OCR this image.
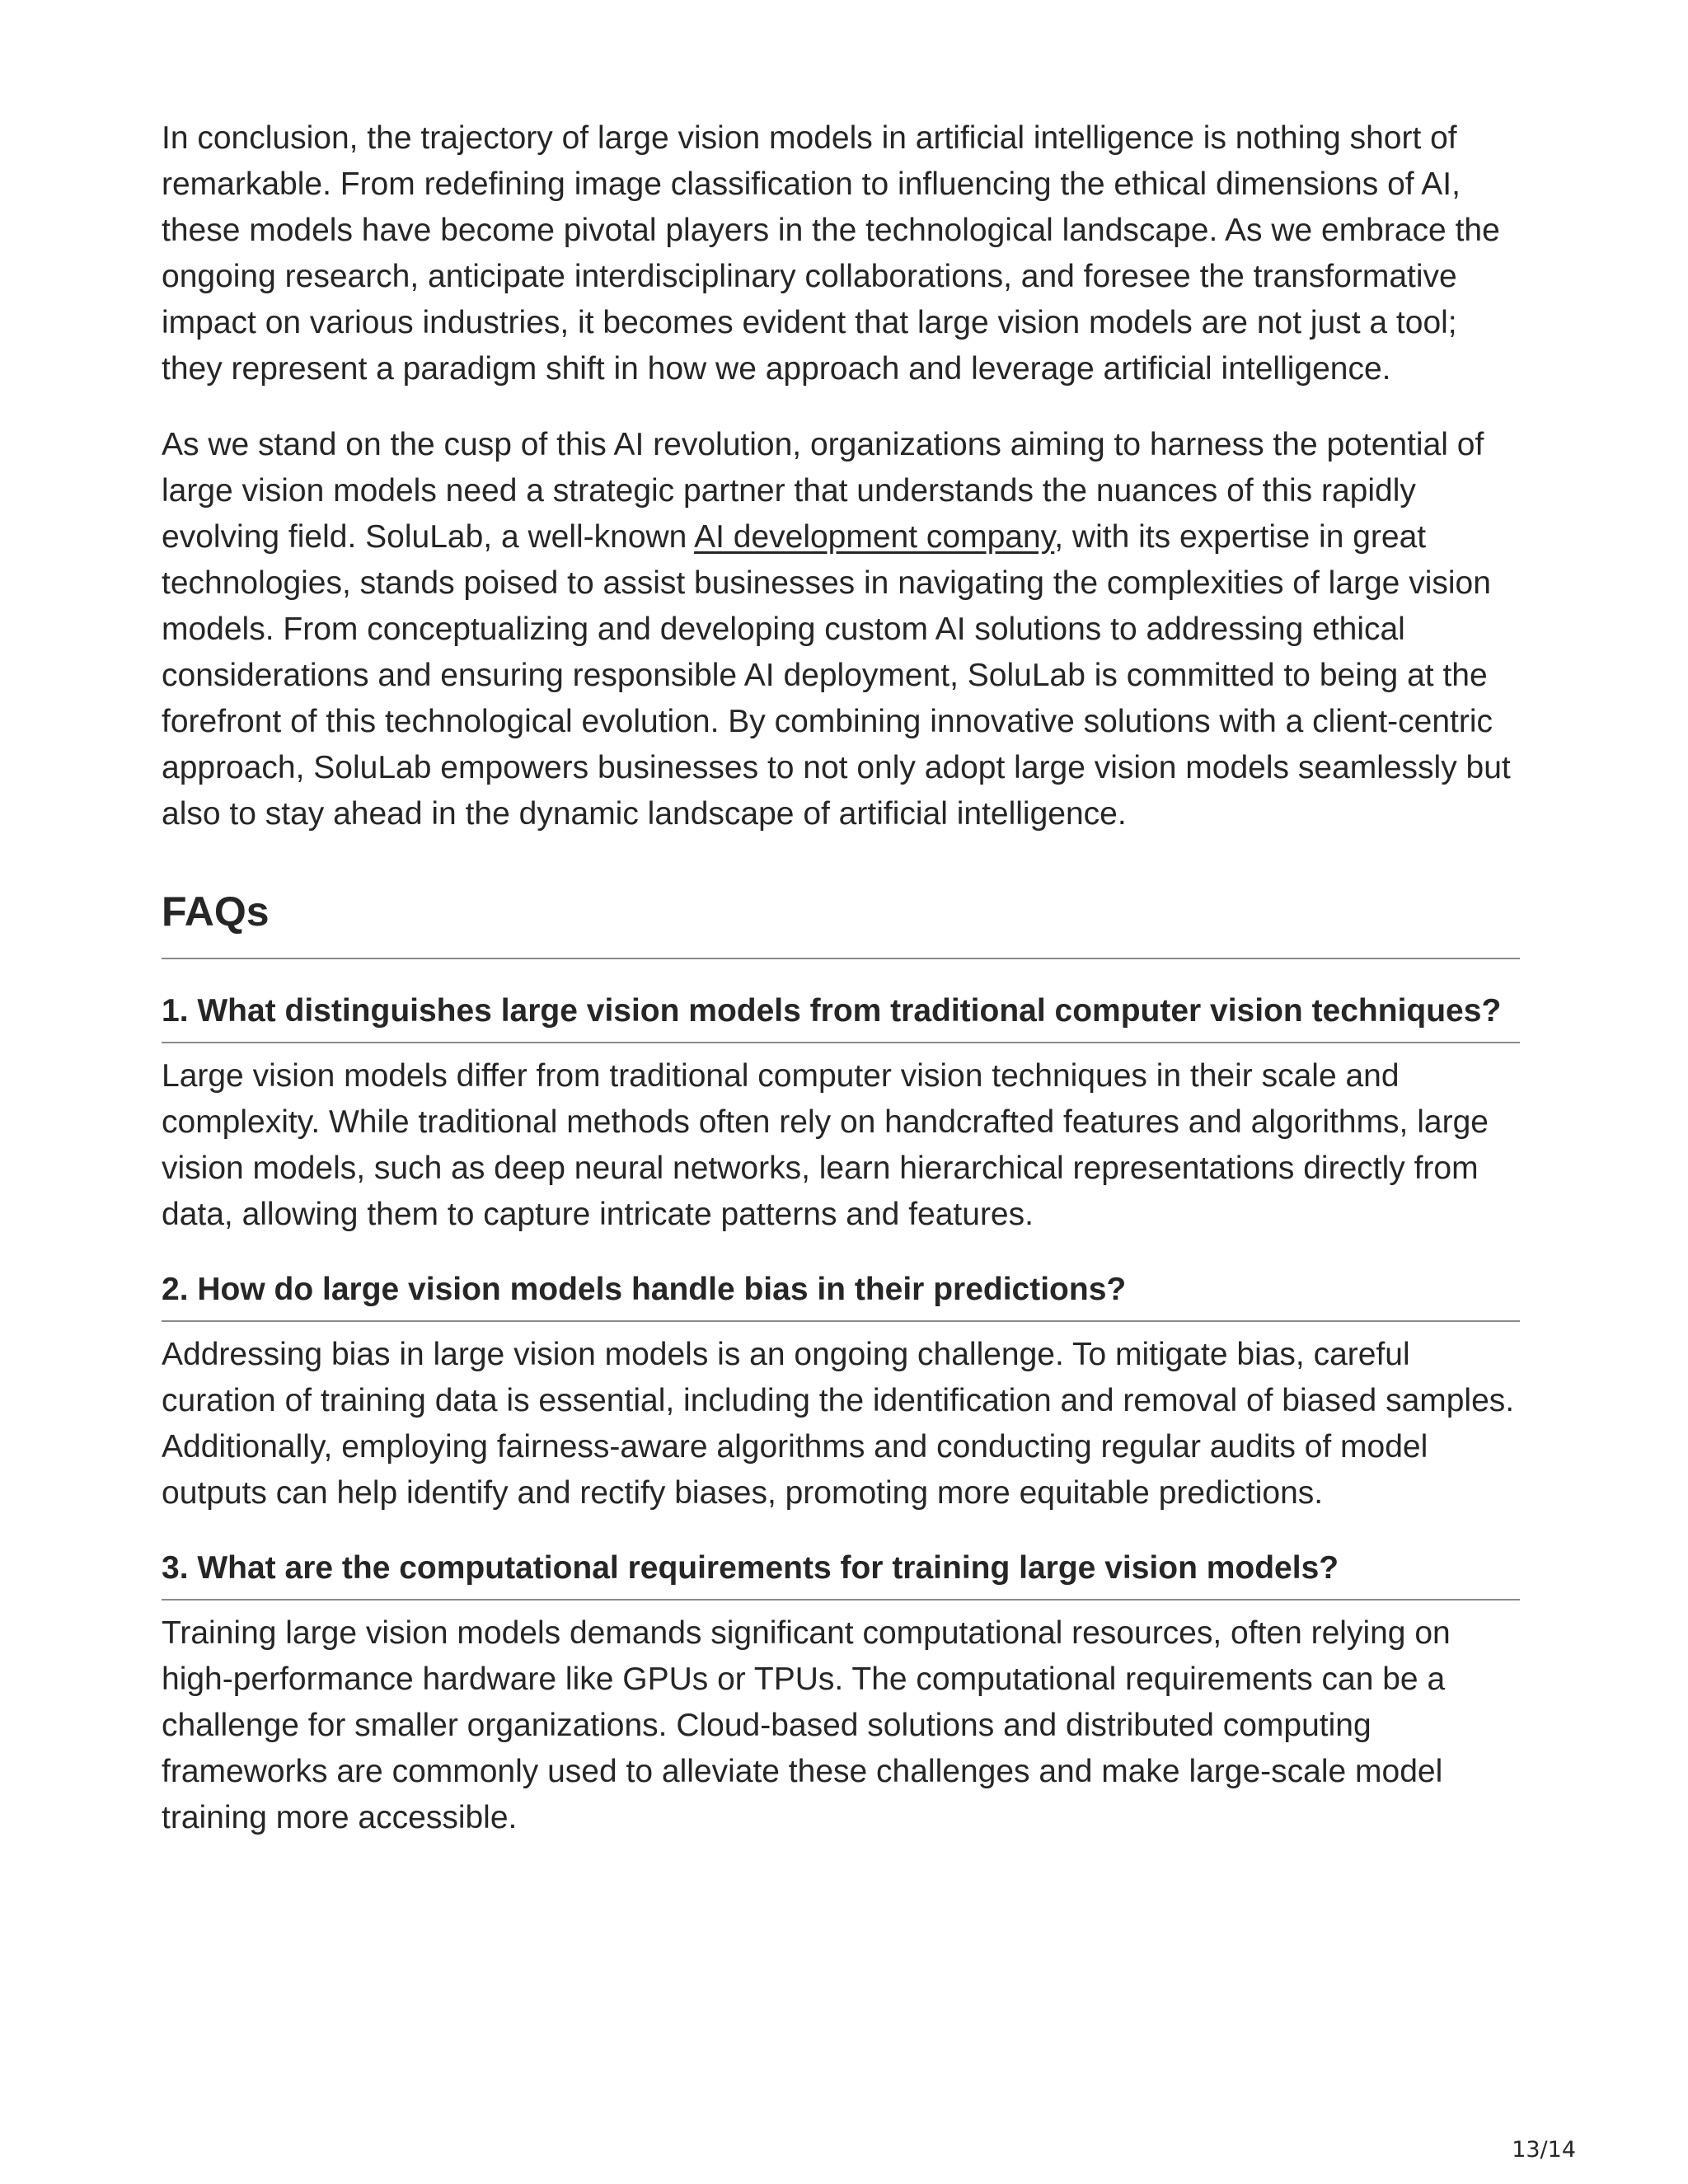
In conclusion, the trajectory of large vision models in artificial intelligence is nothing short of remarkable. From redefining image classification to influencing the ethical dimensions of AI, these models have become pivotal players in the technological landscape. As we embrace the ongoing research, anticipate interdisciplinary collaborations, and foresee the transformative impact on various industries, it becomes evident that large vision models are not just a tool; they represent a paradigm shift in how we approach and leverage artificial intelligence.

As we stand on the cusp of this AI revolution, organizations aiming to harness the potential of large vision models need a strategic partner that understands the nuances of this rapidly evolving field. SoluLab, a well-known AI development company, with its expertise in great technologies, stands poised to assist businesses in navigating the complexities of large vision models. From conceptualizing and developing custom AI solutions to addressing ethical considerations and ensuring responsible AI deployment, SoluLab is committed to being at the forefront of this technological evolution. By combining innovative solutions with a client-centric approach, SoluLab empowers businesses to not only adopt large vision models seamlessly but also to stay ahead in the dynamic landscape of artificial intelligence.

FAQs
1. What distinguishes large vision models from traditional computer vision techniques?

Large vision models differ from traditional computer vision techniques in their scale and complexity. While traditional methods often rely on handcrafted features and algorithms, large vision models, such as deep neural networks, learn hierarchical representations directly from data, allowing them to capture intricate patterns and features.

2. How do large vision models handle bias in their predictions?

Addressing bias in large vision models is an ongoing challenge. To mitigate bias, careful curation of training data is essential, including the identification and removal of biased samples. Additionally, employing fairness-aware algorithms and conducting regular audits of model outputs can help identify and rectify biases, promoting more equitable predictions.

3. What are the computational requirements for training large vision models?

Training large vision models demands significant computational resources, often relying on high-performance hardware like GPUs or TPUs. The computational requirements can be a challenge for smaller organizations. Cloud-based solutions and distributed computing frameworks are commonly used to alleviate these challenges and make large-scale model training more accessible.

13/14
